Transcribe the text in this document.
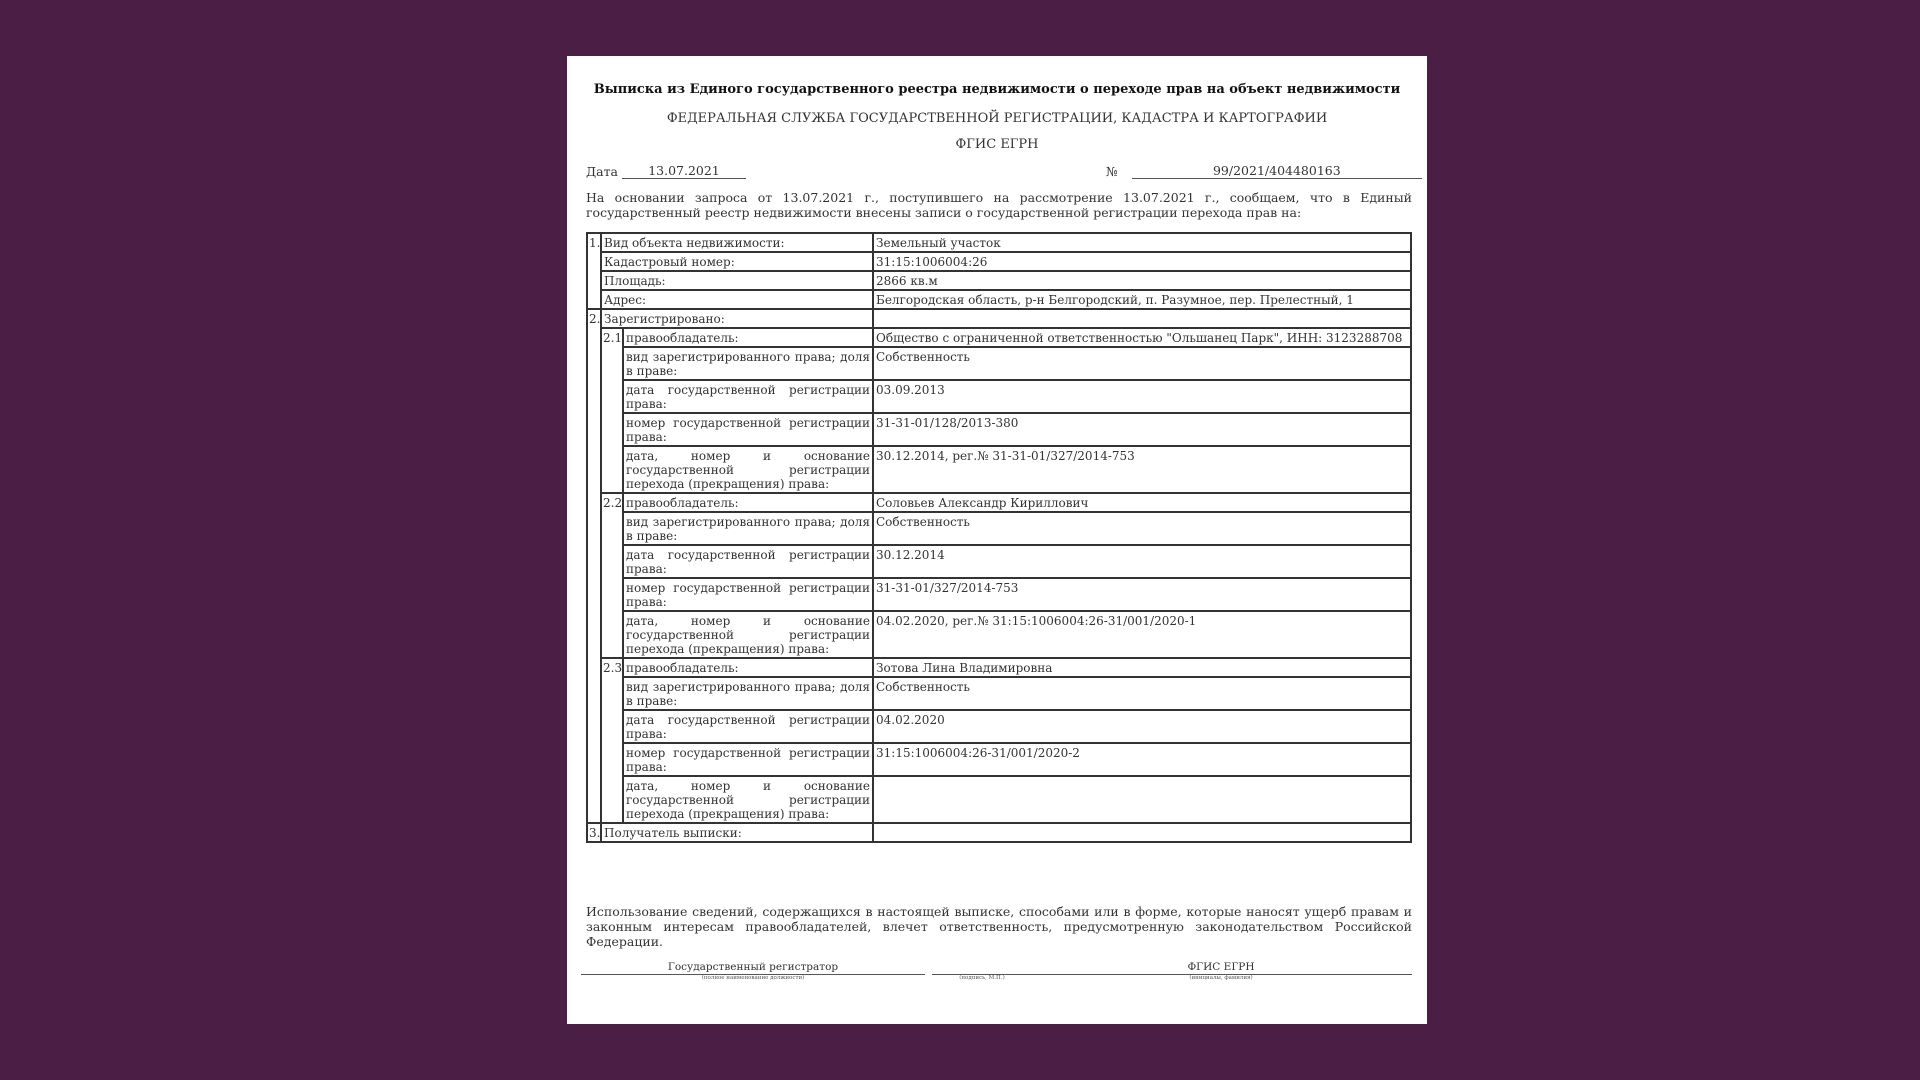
Выписка из Единого государственного реестра недвижимости о переходе прав на объект недвижимости
ФЕДЕРАЛЬНАЯ СЛУЖБА ГОСУДАРСТВЕННОЙ РЕГИСТРАЦИИ, КАДАСТРА И КАРТОГРАФИИ
ФГИС ЕГРН
Дата	13.07.2021	№	99/2021/404480163
На основании запроса от 13.07.2021 г., поступившего на рассмотрение 13.07.2021 г., сообщаем, что в Единый государственный реестр недвижимости внесены записи о государственной регистрации перехода прав на:
1.	Вид объекта недвижимости:		Земельный участок
	Кадастровый номер:		31:15:1006004:26
	Площадь:		2866 кв.м
	Адрес:		Белгородская область, р-н Белгородский, п. Разумное, пер. Прелестный, 1
2.	Зарегистрировано:		
	2.1	правообладатель:	Общество с ограниченной ответственностью "Ольшанец Парк", ИНН: 3123288708
		вид зарегистрированного права; доля в праве:	Собственность
		дата государственной регистрации права:	03.09.2013
		номер государственной регистрации права:	31-31-01/128/2013-380
		дата, номер и основание государственной регистрации перехода (прекращения) права:	30.12.2014, рег.№ 31-31-01/327/2014-753
	2.2	правообладатель:	Соловьев Александр Кириллович
		вид зарегистрированного права; доля в праве:	Собственность
		дата государственной регистрации права:	30.12.2014
		номер государственной регистрации права:	31-31-01/327/2014-753
		дата, номер и основание государственной регистрации перехода (прекращения) права:	04.02.2020, рег.№ 31:15:1006004:26-31/001/2020-1
	2.3	правообладатель:	Зотова Лина Владимировна
		вид зарегистрированного права; доля в праве:	Собственность
		дата государственной регистрации права:	04.02.2020
		номер государственной регистрации права:	31:15:1006004:26-31/001/2020-2
		дата, номер и основание государственной регистрации перехода (прекращения) права:	
3.	Получатель выписки:		
Использование сведений, содержащихся в настоящей выписке, способами или в форме, которые наносят ущерб правам и законным интересам правообладателей, влечет ответственность, предусмотренную законодательством Российской Федерации.
Государственный регистратор
(полное наименование должности)
	(подпись, М.П.)
ФГИС ЕГРН
(инициалы, фамилия)
